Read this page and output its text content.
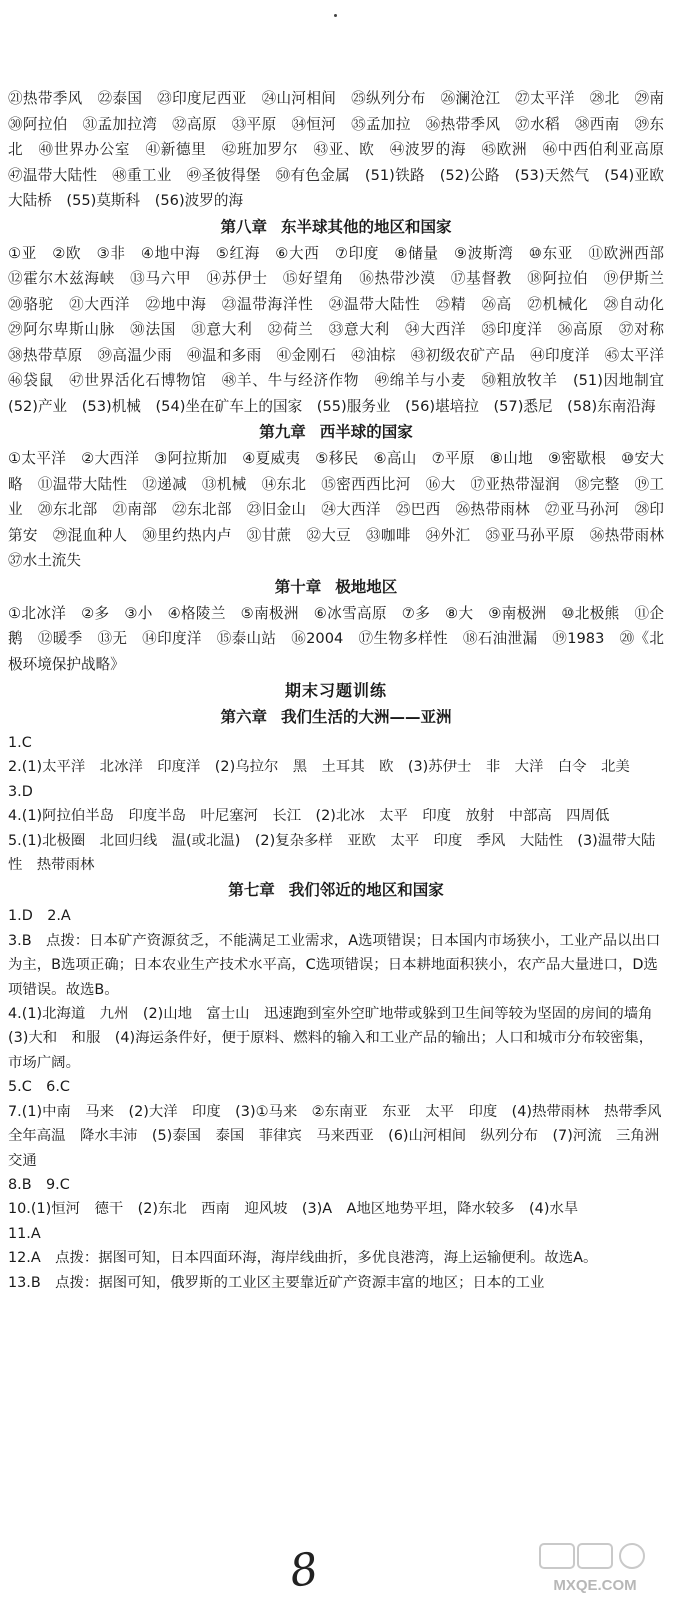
㉑热带季风　㉒泰国　㉓印度尼西亚　㉔山河相间　㉕纵列分布　㉖澜沧江　㉗太平洋　㉘北　㉙南　㉚阿拉伯　㉛孟加拉湾　㉜高原　㉝平原　㉞恒河　㉟孟加拉　㊱热带季风　㊲水稻　㊳西南　㊴东北　㊵世界办公室　㊶新德里　㊷班加罗尔　㊸亚、欧　㊹波罗的海　㊺欧洲　㊻中西伯利亚高原　㊼温带大陆性　㊽重工业　㊾圣彼得堡　㊿有色金属　(51)铁路　(52)公路　(53)天然气　(54)亚欧大陆桥　(55)莫斯科　(56)波罗的海

第八章 东半球其他的地区和国家

①亚　②欧　③非　④地中海　⑤红海　⑥大西　⑦印度　⑧储量　⑨波斯湾　⑩东亚　⑪欧洲西部　⑫霍尔木兹海峡　⑬马六甲　⑭苏伊士　⑮好望角　⑯热带沙漠　⑰基督教　⑱阿拉伯　⑲伊斯兰　⑳骆驼　㉑大西洋　㉒地中海　㉓温带海洋性　㉔温带大陆性　㉕精　㉖高　㉗机械化　㉘自动化　㉙阿尔卑斯山脉　㉚法国　㉛意大利　㉜荷兰　㉝意大利　㉞大西洋　㉟印度洋　㊱高原　㊲对称　㊳热带草原　㊴高温少雨　㊵温和多雨　㊶金刚石　㊷油棕　㊸初级农矿产品　㊹印度洋　㊺太平洋　㊻袋鼠　㊼世界活化石博物馆　㊽羊、牛与经济作物　㊾绵羊与小麦　㊿粗放牧羊　(51)因地制宜　(52)产业　(53)机械　(54)坐在矿车上的国家　(55)服务业　(56)堪培拉　(57)悉尼　(58)东南沿海

第九章 西半球的国家

①太平洋　②大西洋　③阿拉斯加　④夏威夷　⑤移民　⑥高山　⑦平原　⑧山地　⑨密歇根　⑩安大略　⑪温带大陆性　⑫递减　⑬机械　⑭东北　⑮密西西比河　⑯大　⑰亚热带湿润　⑱完整　⑲工业　⑳东北部　㉑南部　㉒东北部　㉓旧金山　㉔大西洋　㉕巴西　㉖热带雨林　㉗亚马孙河　㉘印第安　㉙混血种人　㉚里约热内卢　㉛甘蔗　㉜大豆　㉝咖啡　㉞外汇　㉟亚马孙平原　㊱热带雨林　㊲水土流失

第十章 极地地区

①北冰洋　②多　③小　④格陵兰　⑤南极洲　⑥冰雪高原　⑦多　⑧大　⑨南极洲　⑩北极熊　⑪企鹅　⑫暖季　⑬无　⑭印度洋　⑮泰山站　⑯2004　⑰生物多样性　⑱石油泄漏　⑲1983　⑳《北极环境保护战略》

期末习题训练

第六章 我们生活的大洲——亚洲

1.C

2.(1)太平洋　北冰洋　印度洋　(2)乌拉尔　黑　土耳其　欧　(3)苏伊士　非　大洋　白令　北美

3.D

4.(1)阿拉伯半岛　印度半岛　叶尼塞河　长江　(2)北冰　太平　印度　放射　中部高　四周低

5.(1)北极圈　北回归线　温(或北温)　(2)复杂多样　亚欧　太平　印度　季风　大陆性　(3)温带大陆性　热带雨林

第七章 我们邻近的地区和国家

1.D　2.A

3.B　点拨：日本矿产资源贫乏，不能满足工业需求，A选项错误；日本国内市场狭小，工业产品以出口为主，B选项正确；日本农业生产技术水平高，C选项错误；日本耕地面积狭小，农产品大量进口，D选项错误。故选B。

4.(1)北海道　九州　(2)山地　富士山　迅速跑到室外空旷地带或躲到卫生间等较为坚固的房间的墙角　(3)大和　和服　(4)海运条件好，便于原料、燃料的输入和工业产品的输出；人口和城市分布较密集，市场广阔。

5.C　6.C

7.(1)中南　马来　(2)大洋　印度　(3)①马来　②东南亚　东亚　太平　印度　(4)热带雨林　热带季风　全年高温　降水丰沛　(5)泰国　泰国　菲律宾　马来西亚　(6)山河相间　纵列分布　(7)河流　三角洲　交通

8.B　9.C

10.(1)恒河　德干　(2)东北　西南　迎风坡　(3)A　A地区地势平坦，降水较多　(4)水旱

11.A

12.A　点拨：据图可知，日本四面环海，海岸线曲折，多优良港湾，海上运输便利。故选A。

13.B　点拨：据图可知，俄罗斯的工业区主要靠近矿产资源丰富的地区；日本的工业

8	MXQE.COM
